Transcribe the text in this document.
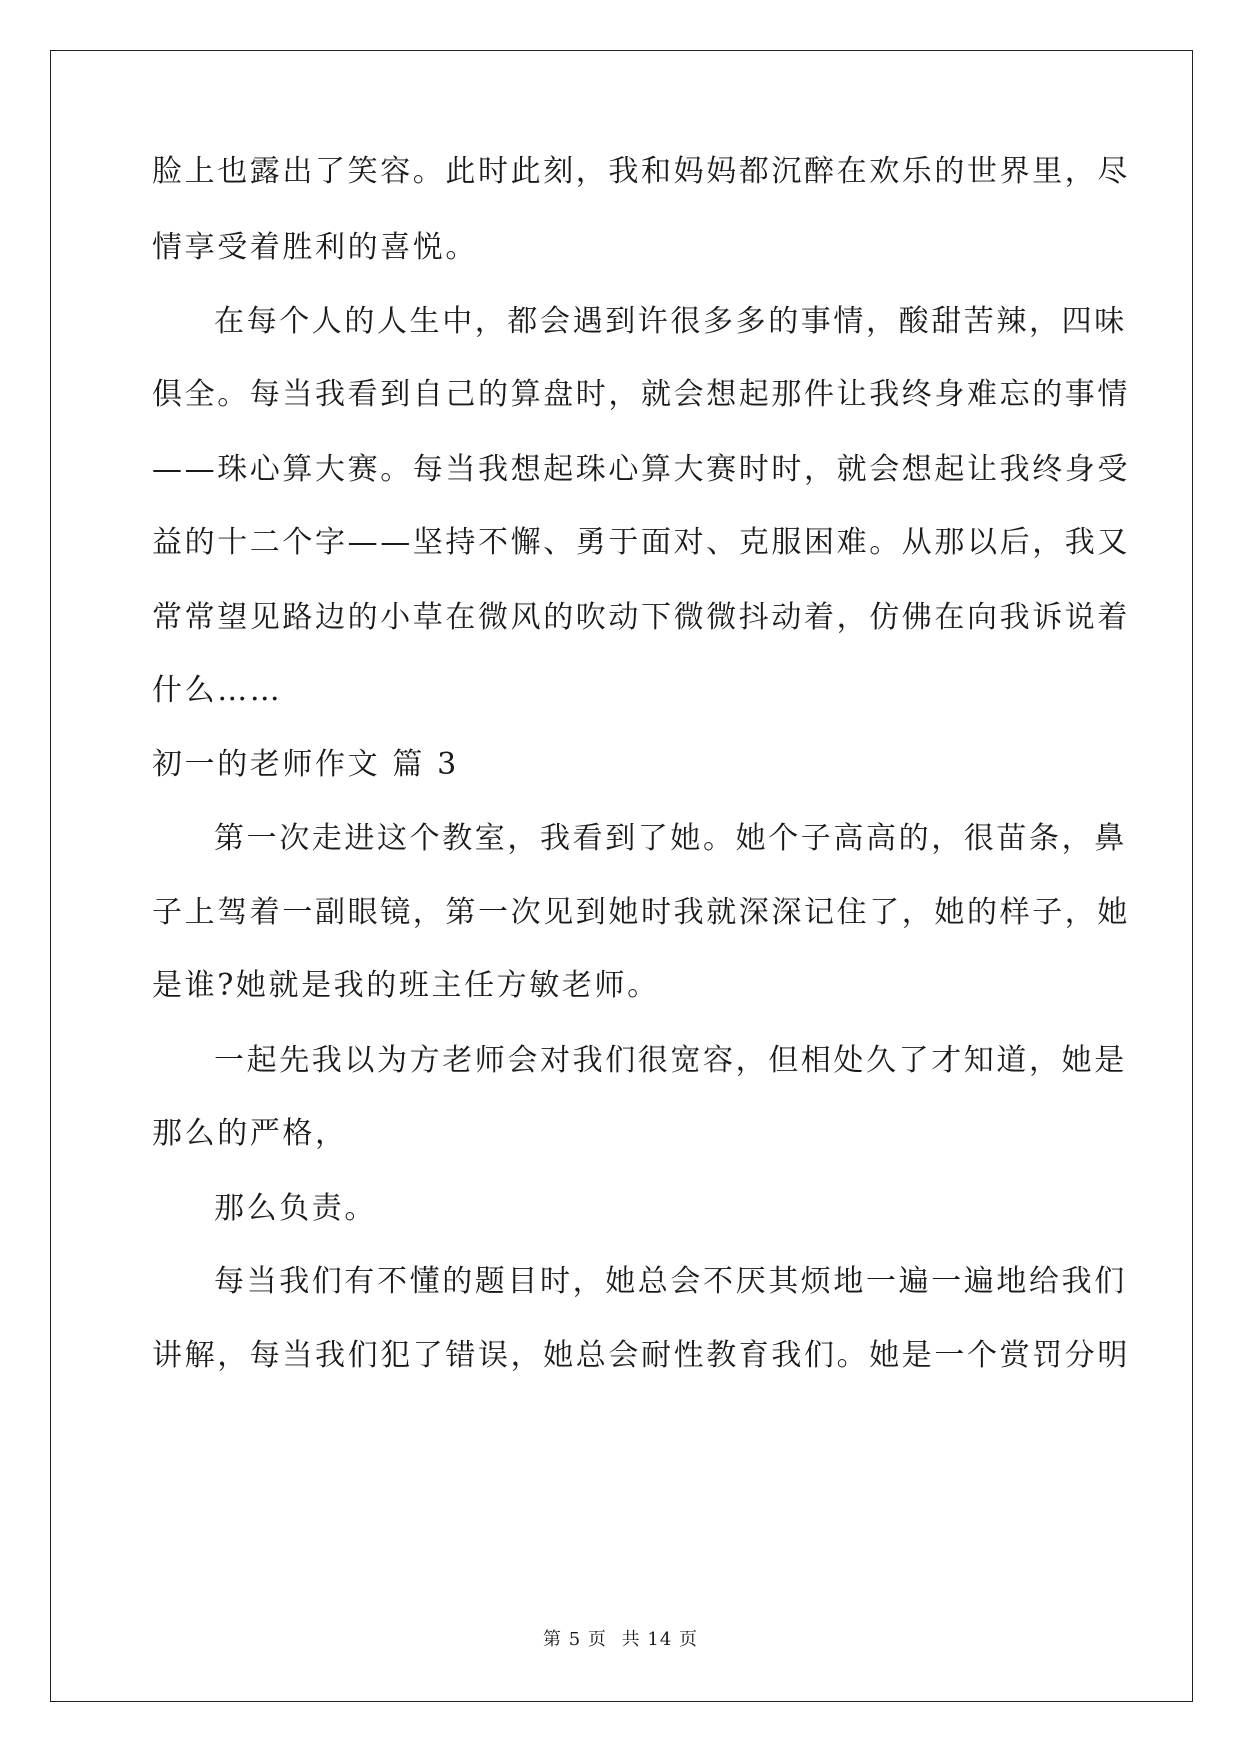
脸上也露出了笑容。此时此刻，我和妈妈都沉醉在欢乐的世界里，尽
情享受着胜利的喜悦。
在每个人的人生中，都会遇到许很多多的事情，酸甜苦辣，四味
俱全。每当我看到自己的算盘时，就会想起那件让我终身难忘的事情
——珠心算大赛。每当我想起珠心算大赛时时，就会想起让我终身受
益的十二个字——坚持不懈、勇于面对、克服困难。从那以后，我又
常常望见路边的小草在微风的吹动下微微抖动着，仿佛在向我诉说着
什么……
初一的老师作文 篇 3
第一次走进这个教室，我看到了她。她个子高高的，很苗条，鼻
子上驾着一副眼镜，第一次见到她时我就深深记住了，她的样子，她
是谁?她就是我的班主任方敏老师。
一起先我以为方老师会对我们很宽容，但相处久了才知道，她是
那么的严格，
那么负责。
每当我们有不懂的题目时，她总会不厌其烦地一遍一遍地给我们
讲解，每当我们犯了错误，她总会耐性教育我们。她是一个赏罚分明
第 5 页 共 14 页
